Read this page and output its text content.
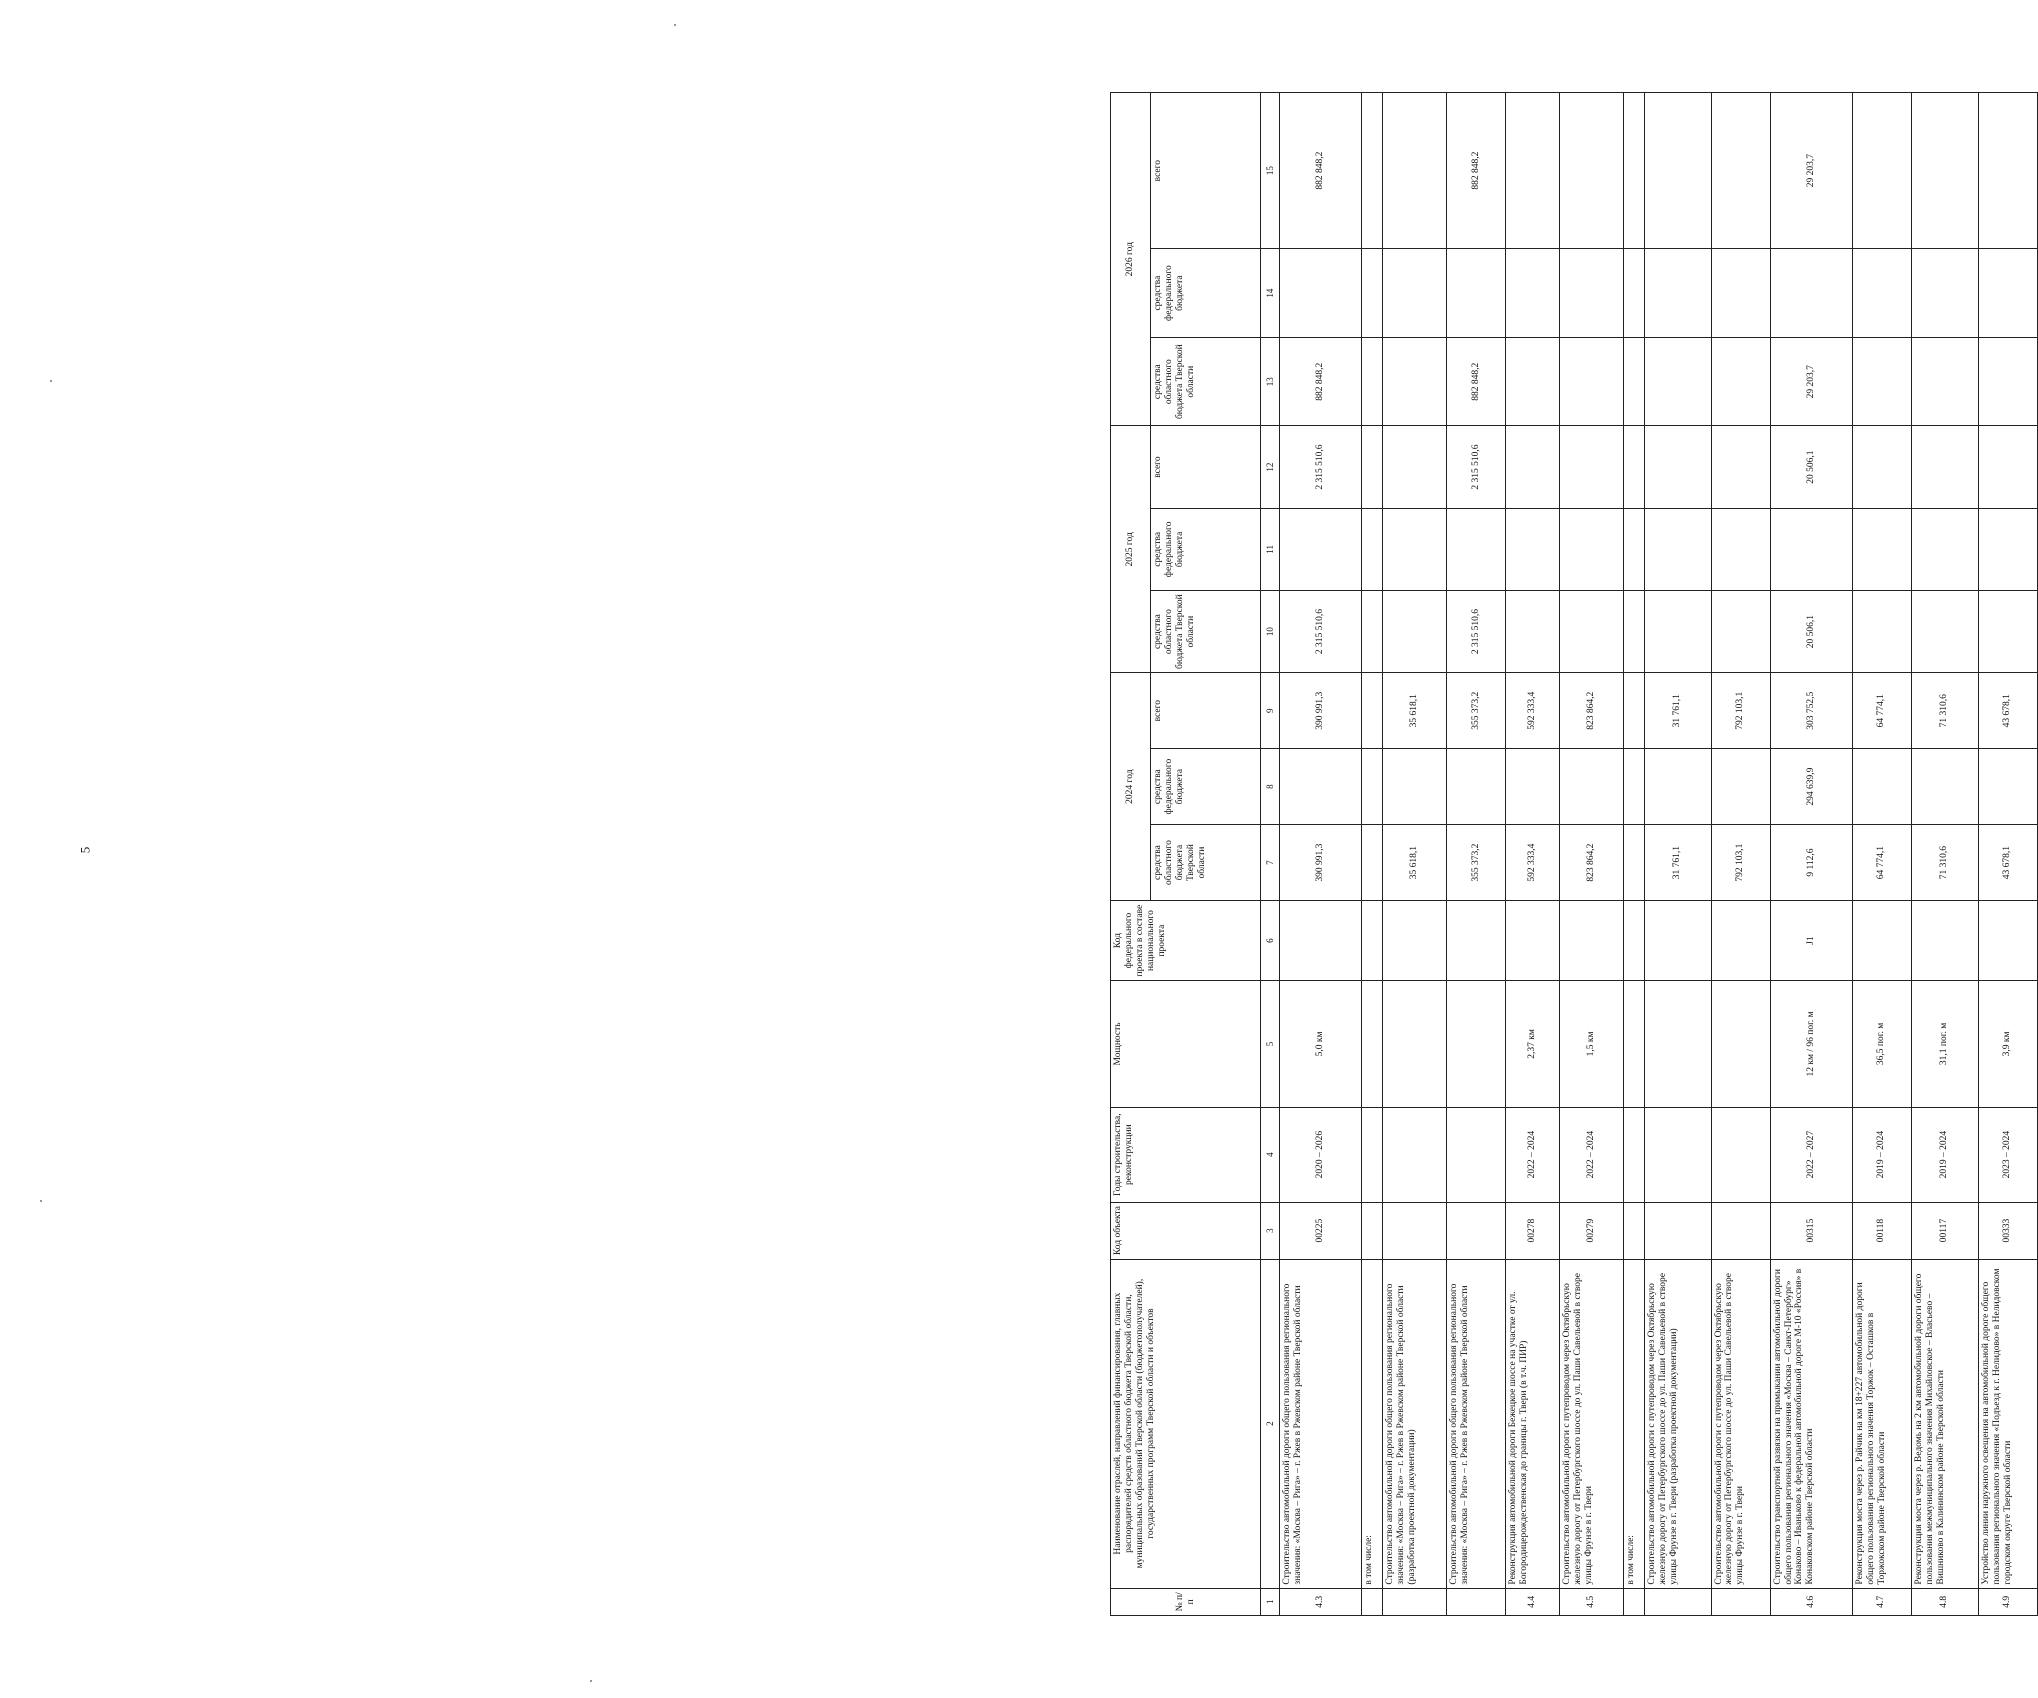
5
№ п/п	Наименование отраслей, направлений финансирования, главных распорядителей средств областного бюджета Тверской области, муниципальных образований Тверской области (бюджетополучателей), государственных программ Тверской области и объектов	Код объекта	Годы строительства, реконструкции	Мощность	Код федерального проекта в составе национального проекта	2024 год			2025 год			2026 год		
						средства областного бюджета Тверской области	средства федерального бюджета	всего	средства областного бюджета Тверской области	средства федерального бюджета	всего	средства областного бюджета Тверской области	средства федерального бюджета	всего
1	2	3	4	5	6	7	8	9	10	11	12	13	14	15
4.3	Строительство автомобильной дороги общего пользования регионального значения: «Москва – Рига» – г. Ржев в Ржевском районе Тверской области	00225	2020 – 2026	5,0 км		390 991,3		390 991,3	2 315 510,6		2 315 510,6	882 848,2		882 848,2
	в том числе:													
	Строительство автомобильной дороги общего пользования регионального значения: «Москва – Рига» – г. Ржев в Ржевском районе Тверской области (разработка проектной документации)					35 618,1		35 618,1						
	Строительство автомобильной дороги общего пользования регионального значения: «Москва – Рига» – г. Ржев в Ржевском районе Тверской области					355 373,2		355 373,2	2 315 510,6		2 315 510,6	882 848,2		882 848,2
4.4	Реконструкция автомобильной дороги Бежецкое шоссе на участке от ул. Богородицерождественская до границы г. Твери (в т.ч. ПИР)	00278	2022 – 2024	2,37 км		592 333,4		592 333,4						
4.5	Строительство автомобильной дороги с путепроводом через Октябрьскую железную дорогу от Петербургского шоссе до ул. Паши Савельевой в створе улицы Фрунзе в г. Твери	00279	2022 – 2024	1,5 км		823 864,2		823 864,2						
	в том числе:													
	Строительство автомобильной дороги с путепроводом через Октябрьскую железную дорогу от Петербургского шоссе до ул. Паши Савельевой в створе улицы Фрунзе в г. Твери (разработка проектной документации)					31 761,1		31 761,1						
	Строительство автомобильной дороги с путепроводом через Октябрьскую железную дорогу от Петербургского шоссе до ул. Паши Савельевой в створе улицы Фрунзе в г. Твери					792 103,1		792 103,1						
4.6	Строительство транспортной развязки на примыкании автомобильной дороги общего пользования регионального значения «Москва – Санкт-Петербург» Конаково – Иваньково к федеральной автомобильной дороге М-10 «Россия» в Конаковском районе Тверской области	00315	2022 – 2027	12 км / 96 пог. м	J1	9 112,6	294 639,9	303 752,5	20 506,1		20 506,1	29 203,7		29 203,7
4.7	Реконструкция моста через р. Райчик на км 18+227 автомобильной дороги общего пользования регионального значения Торжок – Осташков в Торжокском районе Тверской области	00118	2019 – 2024	36,5 пог. м		64 774,1		64 774,1						
4.8	Реконструкция моста через р. Ведомь на 2 км автомобильной дороги общего пользования межмуниципального значения Михайловское – Власьево – Вишниково в Калининском районе Тверской области	00117	2019 – 2024	31,1 пог. м		71 310,6		71 310,6						
4.9	Устройство линии наружного освещения на автомобильной дороге общего пользования регионального значения «Подъезд к г. Нелидово» в Нелидовском городском округе Тверской области	00333	2023 – 2024	3,9 км		43 678,1		43 678,1						
